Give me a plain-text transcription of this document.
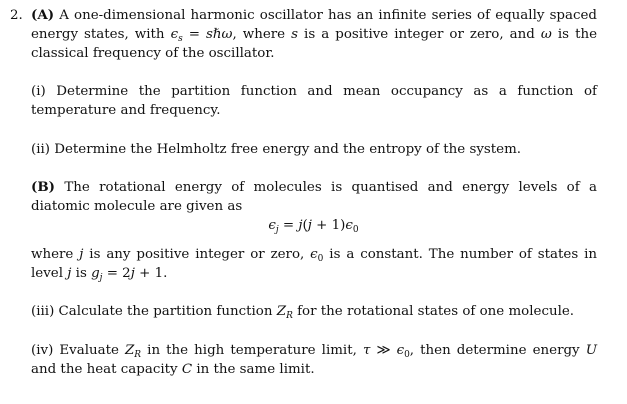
2. (A) A one-dimensional harmonic oscillator has an infinite series of equally spaced energy states, with $\epsilon_s$ = sℏω, where s is a positive integer or zero, and ω is the classical frequency of the oscillator.
(i) Determine the partition function and mean occupancy as a function of temperature and frequency.
(ii) Determine the Helmholtz free energy and the entropy of the system.
(B) The rotational energy of molecules is quantised and energy levels of a diatomic molecule are given as
$\epsilon_j = j(j + 1)\epsilon_0$
where j is any positive integer or zero, $\epsilon_0$ is a constant. The number of states in level j is $g_j = 2j + 1$.
(iii) Calculate the partition function $Z_R$ for the rotational states of one molecule.
(iv) Evaluate $Z_R$ in the high temperature limit, τ ≫ $\epsilon_0$, then determine energy U and the heat capacity C in the same limit.
